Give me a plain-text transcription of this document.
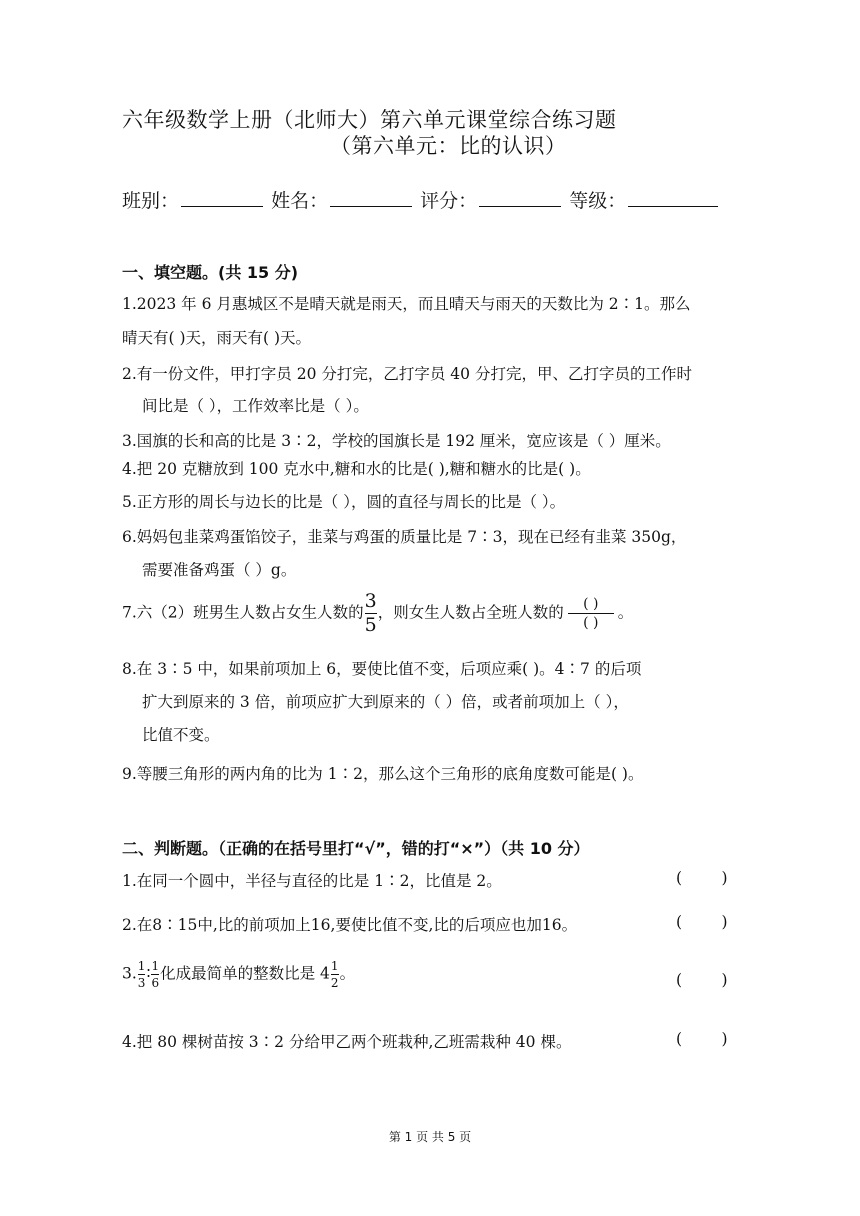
六年级数学上册（北师大）第六单元课堂综合练习题
（第六单元：比的认识）
班别：	姓名：	评分：	等级：
一、填空题。(共 15 分)
1.2023 年 6 月惠城区不是晴天就是雨天，而且晴天与雨天的天数比为 2∶1。那么
晴天有( )天，雨天有( )天。
2.有一份文件，甲打字员 20 分打完，乙打字员 40 分打完，甲、乙打字员的工作时
间比是（ ），工作效率比是（ ）。
3.国旗的长和高的比是 3∶2，学校的国旗长是 192 厘米，宽应该是（ ）厘米。
4.把 20 克糖放到 100 克水中,糖和水的比是( ),糖和糖水的比是( )。
5.正方形的周长与边长的比是（ ），圆的直径与周长的比是（ ）。
6.妈妈包韭菜鸡蛋馅饺子，韭菜与鸡蛋的质量比是 7∶3，现在已经有韭菜 350g，
需要准备鸡蛋（ ）g。
7.六（2）班男生人数占女生人数的 $\frac{3}{5}$ ，则女生人数占全班人数的	( )
( )
。
8.在 3∶5 中，如果前项加上 6，要使比值不变，后项应乘( )。4∶7 的后项
扩大到原来的 3 倍，前项应扩大到原来的（ ）倍，或者前项加上（ ），
比值不变。
9.等腰三角形的两内角的比为 1∶2，那么这个三角形的底角度数可能是( )。
二、判断题。（正确的在括号里打“√”，错的打“×”）（共 10 分）
1.在同一个圆中，半径与直径的比是 1∶2，比值是 2。	(        )
2.在8∶15中,比的前项加上16,要使比值不变,比的后项应也加16。	(        )
3. $\frac{1}{3}$ ∶ $\frac{1}{6}$ 化成最简单的整数比是 $4 \frac{1}{2}$ 。	(        )
4.把 80 棵树苗按 3∶2 分给甲乙两个班栽种,乙班需栽种 40 棵。	(        )
第 1 页 共 5 页
